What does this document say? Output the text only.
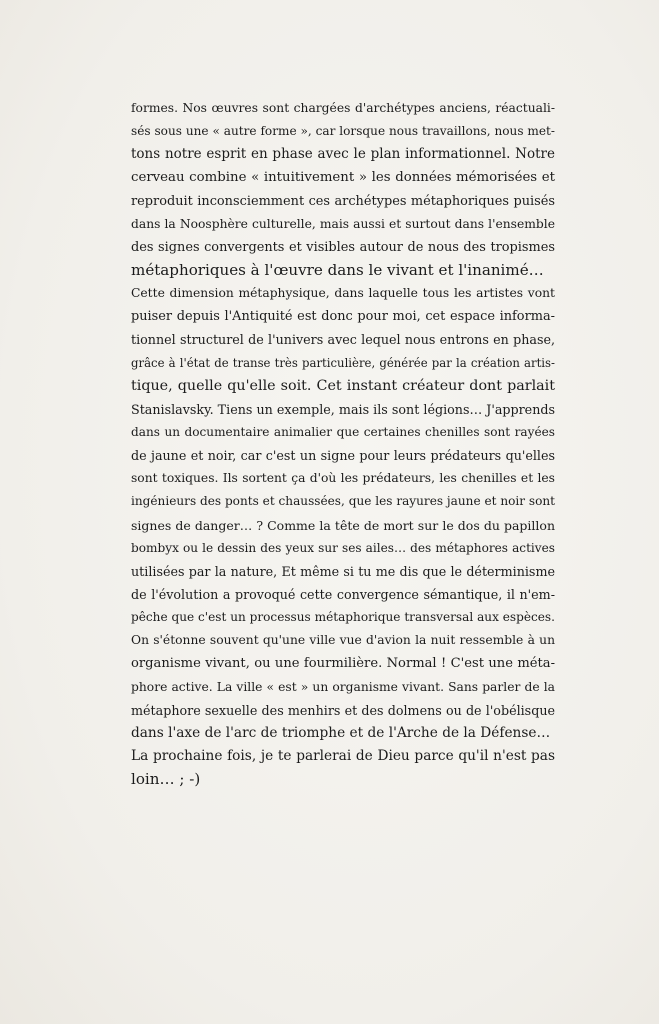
formes. Nos œuvres sont chargées d'archétypes anciens, réactuali-
sés sous une « autre forme », car lorsque nous travaillons, nous met-
tons notre esprit en phase avec le plan informationnel. Notre
cerveau combine « intuitivement » les données mémorisées et
reproduit inconsciemment ces archétypes métaphoriques puisés
dans la Noosphère culturelle, mais aussi et surtout dans l'ensemble
des signes convergents et visibles autour de nous des tropismes
métaphoriques à l'œuvre dans le vivant et l'inanimé…
Cette dimension métaphysique, dans laquelle tous les artistes vont
puiser depuis l'Antiquité est donc pour moi, cet espace informa-
tionnel structurel de l'univers avec lequel nous entrons en phase,
grâce à l'état de transe très particulière, générée par la création artis-
tique, quelle qu'elle soit. Cet instant créateur dont parlait
Stanislavsky. Tiens un exemple, mais ils sont légions… J'apprends
dans un documentaire animalier que certaines chenilles sont rayées
de jaune et noir, car c'est un signe pour leurs prédateurs qu'elles
sont toxiques. Ils sortent ça d'où les prédateurs, les chenilles et les
ingénieurs des ponts et chaussées, que les rayures jaune et noir sont
signes de danger… ? Comme la tête de mort sur le dos du papillon
bombyx ou le dessin des yeux sur ses ailes… des métaphores actives
utilisées par la nature, Et même si tu me dis que le déterminisme
de l'évolution a provoqué cette convergence sémantique, il n'em-
pêche que c'est un processus métaphorique transversal aux espèces.
On s'étonne souvent qu'une ville vue d'avion la nuit ressemble à un
organisme vivant, ou une fourmilière. Normal ! C'est une méta-
phore active. La ville « est » un organisme vivant. Sans parler de la
métaphore sexuelle des menhirs et des dolmens ou de l'obélisque
dans l'axe de l'arc de triomphe et de l'Arche de la Défense…
La prochaine fois, je te parlerai de Dieu parce qu'il n'est pas
loin… ; -)
